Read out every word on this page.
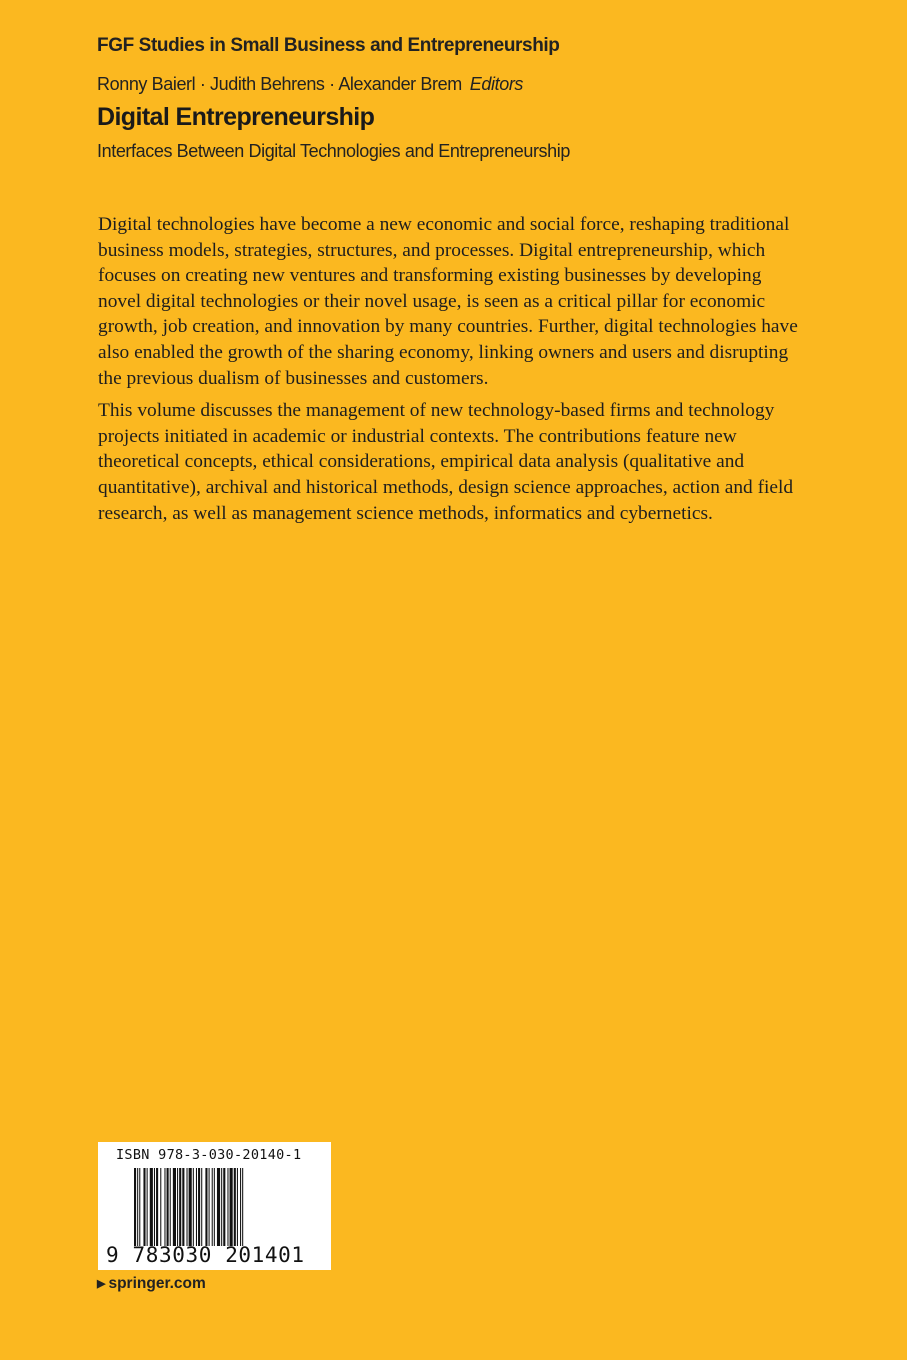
FGF Studies in Small Business and Entrepreneurship
Ronny Baierl · Judith Behrens · Alexander Brem Editors
Digital Entrepreneurship
Interfaces Between Digital Technologies and Entrepreneurship

Digital technologies have become a new economic and social force, reshaping traditional business models, strategies, structures, and processes. Digital entrepreneurship, which focuses on creating new ventures and transforming existing businesses by developing novel digital technologies or their novel usage, is seen as a critical pillar for economic growth, job creation, and innovation by many countries. Further, digital technologies have also enabled the growth of the sharing economy, linking owners and users and disrupting the previous dualism of businesses and customers.

This volume discusses the management of new technology-based firms and technology projects initiated in academic or industrial contexts. The contributions feature new theoretical concepts, ethical considerations, empirical data analysis (qualitative and quantitative), archival and historical methods, design science approaches, action and field research, as well as management science methods, informatics and cybernetics.

ISBN 978-3-030-20140-1
9 783030 201401
▶ springer.com
